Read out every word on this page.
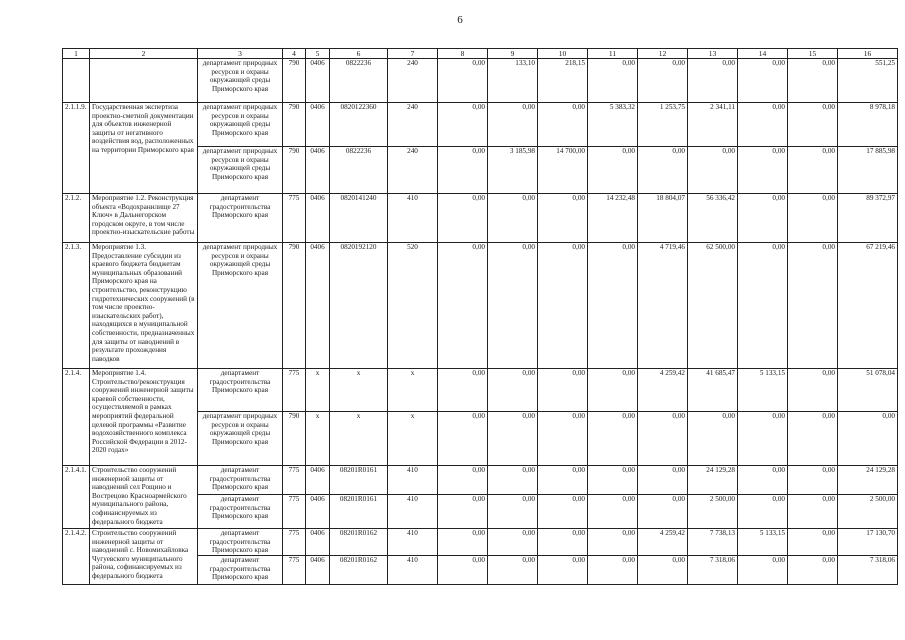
6
1	2	3	4	5	6	7	8	9	10	11	12	13	14	15	16
		департамент природных ресурсов и охраны окружающей среды Приморского края	790	0406	0822236	240	0,00	133,10	218,15	0,00	0,00	0,00	0,00	0,00	551,25
2.1.1.9.	Государственная экспертиза проектно-сметной документации для объектов инженерной защиты от негативного воздействия вод, расположенных на территории Приморского края	департамент природных ресурсов и охраны окружающей среды Приморского края	790	0406	0820122360	240	0,00	0,00	0,00	5 383,32	1 253,75	2 341,11	0,00	0,00	8 978,18
		департамент природных ресурсов и охраны окружающей среды Приморского края	790	0406	0822236	240	0,00	3 185,98	14 700,00	0,00	0,00	0,00	0,00	0,00	17 885,98
2.1.2.	Мероприятие 1.2. Реконструкция объекта «Водохранилище 27 Ключ» в Дальнегорском городском округе, в том числе проектно-изыскательские работы	департамент градостроительства Приморского края	775	0406	0820141240	410	0,00	0,00	0,00	14 232,48	18 804,07	56 336,42	0,00	0,00	89 372,97
2.1.3.	Мероприятие 1.3. Предоставление субсидии из краевого бюджета бюджетам муниципальных образований Приморского края на строительство, реконструкцию гидротехнических сооружений (в том числе проектно-изыскательских работ), находящихся в муниципальной собственности, предназначенных для защиты от наводнений в результате прохождения паводков	департамент природных ресурсов и охраны окружающей среды Приморского края	790	0406	0820192120	520	0,00	0,00	0,00	0,00	4 719,46	62 500,00	0,00	0,00	67 219,46
2.1.4.	Мероприятие 1.4. Строительство/реконструкция сооружений инженерной защиты краевой собственности, осуществляемой в рамках мероприятий федеральной целевой программы «Развитие водохозяйственного комплекса Российской Федерации в 2012-2020 годах»	департамент градостроительства Приморского края	775	х	х	х	0,00	0,00	0,00	0,00	4 259,42	41 685,47	5 133,15	0,00	51 078,04
		департамент природных ресурсов и охраны окружающей среды Приморского края	790	х	х	х	0,00	0,00	0,00	0,00	0,00	0,00	0,00	0,00	0,00
2.1.4.1.	Строительство сооружений инженерной защиты от наводнений сел Рощино и Вострецово Красноармейского муниципального района, софинансируемых из федерального бюджета	департамент градостроительства Приморского края	775	0406	08201R0161	410	0,00	0,00	0,00	0,00	0,00	24 129,28	0,00	0,00	24 129,28
		департамент градостроительства Приморского края	775	0406	08201R0161	410	0,00	0,00	0,00	0,00	0,00	2 500,00	0,00	0,00	2 500,00
2.1.4.2.	Строительство сооружений инженерной защиты от наводнений с. Новомихайловка Чугуевского муниципального района, софинансируемых из федерального бюджета	департамент градостроительства Приморского края	775	0406	08201R0162	410	0,00	0,00	0,00	0,00	4 259,42	7 738,13	5 133,15	0,00	17 130,70
		департамент градостроительства Приморского края	775	0406	08201R0162	410	0,00	0,00	0,00	0,00	0,00	7 318,06	0,00	0,00	7 318,06
